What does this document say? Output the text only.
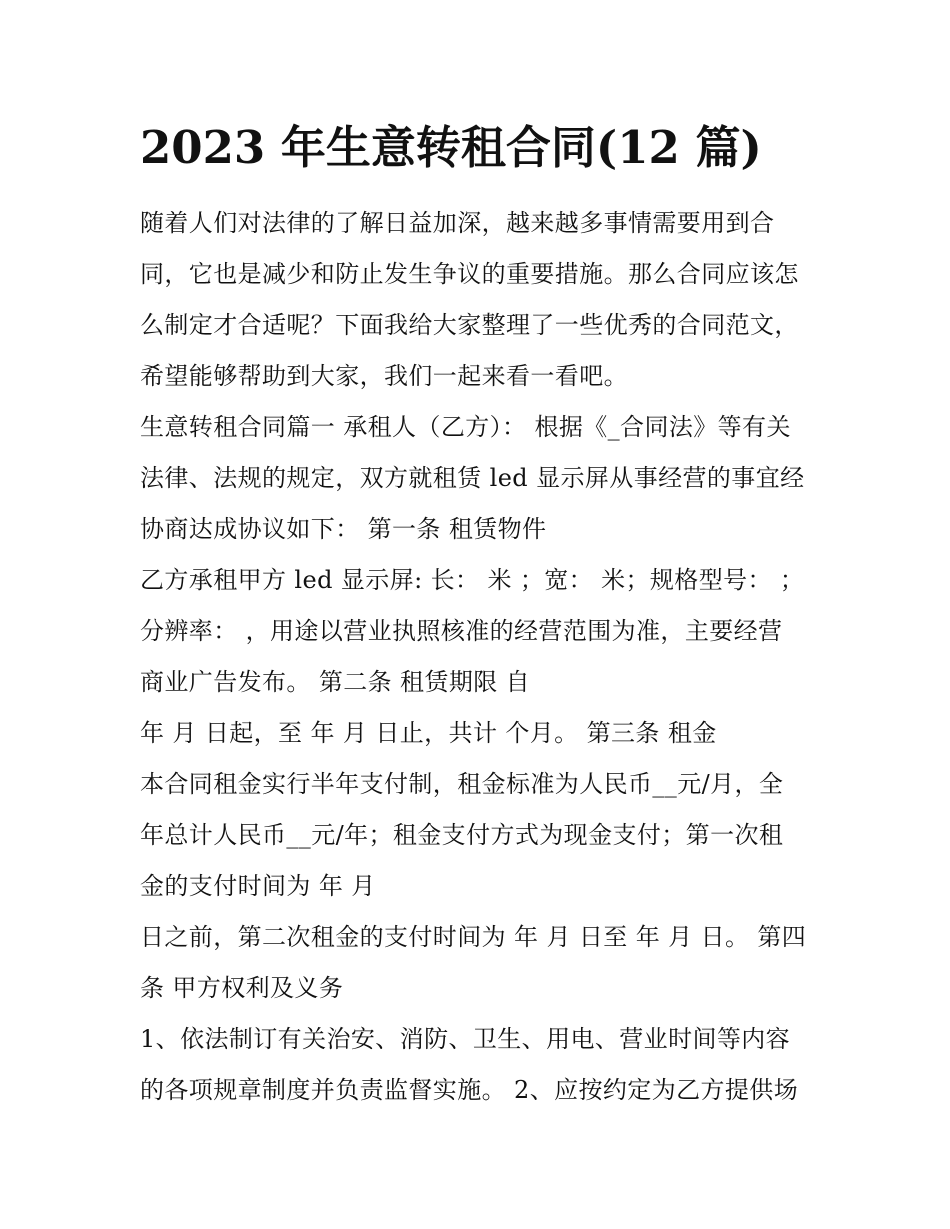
2023 年生意转租合同(12 篇)
随着人们对法律的了解日益加深，越来越多事情需要用到合
同，它也是减少和防止发生争议的重要措施。那么合同应该怎
么制定才合适呢？下面我给大家整理了一些优秀的合同范文，
希望能够帮助到大家，我们一起来看一看吧。
生意转租合同篇一 承租人（乙方）： 根据《_合同法》等有关
法律、法规的规定，双方就租赁 led 显示屏从事经营的事宜经
协商达成协议如下： 第一条 租赁物件
乙方承租甲方 led 显示屏: 长： 米 ；宽： 米；规格型号： ；
分辨率： ，用途以营业执照核准的经营范围为准，主要经营
商业广告发布。 第二条 租赁期限 自
年 月 日起，至 年 月 日止，共计 个月。 第三条 租金
本合同租金实行半年支付制，租金标准为人民币__元/月，全
年总计人民币__元/年；租金支付方式为现金支付；第一次租
金的支付时间为 年 月
日之前，第二次租金的支付时间为 年 月 日至 年 月 日。 第四
条 甲方权利及义务
1、依法制订有关治安、消防、卫生、用电、营业时间等内容
的各项规章制度并负责监督实施。 2、应按约定为乙方提供场
